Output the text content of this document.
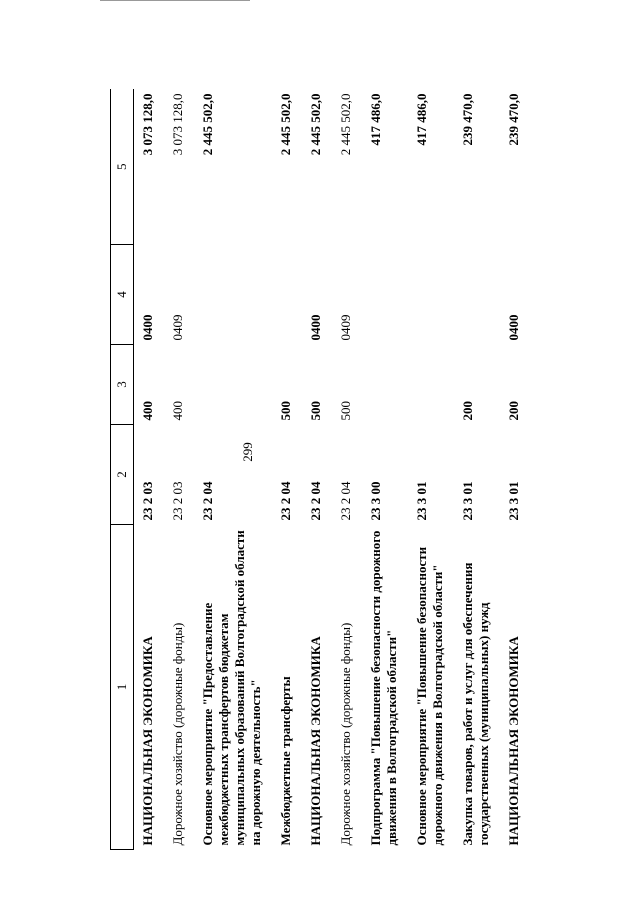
299
1	2	3	4	5
НАЦИОНАЛЬНАЯ ЭКОНОМИКА	23 2 03	400	0400	3 073 128,0
Дорожное хозяйство (дорожные фонды)	23 2 03	400	0409	3 073 128,0
Основное мероприятие "Предоставление межбюджетных трансфертов бюджетам муниципальных образований Волгоградской области на дорожную деятельность"	23 2 04			2 445 502,0
Межбюджетные трансферты	23 2 04	500		2 445 502,0
НАЦИОНАЛЬНАЯ ЭКОНОМИКА	23 2 04	500	0400	2 445 502,0
Дорожное хозяйство (дорожные фонды)	23 2 04	500	0409	2 445 502,0
Подпрограмма "Повышение безопасности дорожного движения в Волгоградской области"	23 3 00			417 486,0
Основное мероприятие "Повышение безопасности дорожного движения в Волгоградской области"	23 3 01			417 486,0
Закупка товаров, работ и услуг для обеспечения государственных (муниципальных) нужд	23 3 01	200		239 470,0
НАЦИОНАЛЬНАЯ ЭКОНОМИКА	23 3 01	200	0400	239 470,0
